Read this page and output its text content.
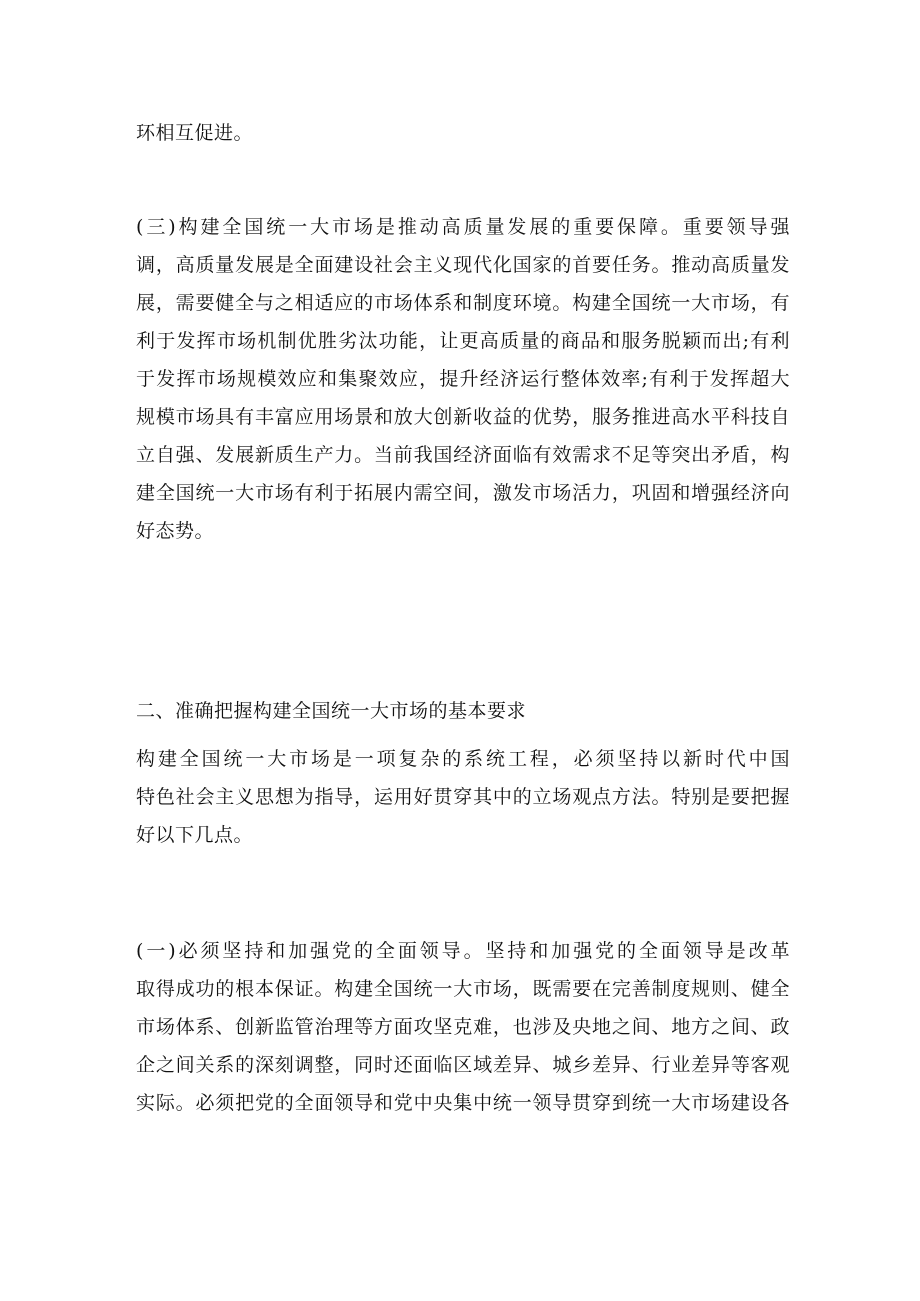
环相互促进。

(三)构建全国统一大市场是推动高质量发展的重要保障。重要领导强
调，高质量发展是全面建设社会主义现代化国家的首要任务。推动高质量发
展，需要健全与之相适应的市场体系和制度环境。构建全国统一大市场，有
利于发挥市场机制优胜劣汰功能，让更高质量的商品和服务脱颖而出;有利
于发挥市场规模效应和集聚效应，提升经济运行整体效率;有利于发挥超大
规模市场具有丰富应用场景和放大创新收益的优势，服务推进高水平科技自
立自强、发展新质生产力。当前我国经济面临有效需求不足等突出矛盾，构
建全国统一大市场有利于拓展内需空间，激发市场活力，巩固和增强经济向
好态势。

二、准确把握构建全国统一大市场的基本要求

构建全国统一大市场是一项复杂的系统工程，必须坚持以新时代中国
特色社会主义思想为指导，运用好贯穿其中的立场观点方法。特别是要把握
好以下几点。

(一)必须坚持和加强党的全面领导。坚持和加强党的全面领导是改革
取得成功的根本保证。构建全国统一大市场，既需要在完善制度规则、健全
市场体系、创新监管治理等方面攻坚克难，也涉及央地之间、地方之间、政
企之间关系的深刻调整，同时还面临区域差异、城乡差异、行业差异等客观
实际。必须把党的全面领导和党中央集中统一领导贯穿到统一大市场建设各
